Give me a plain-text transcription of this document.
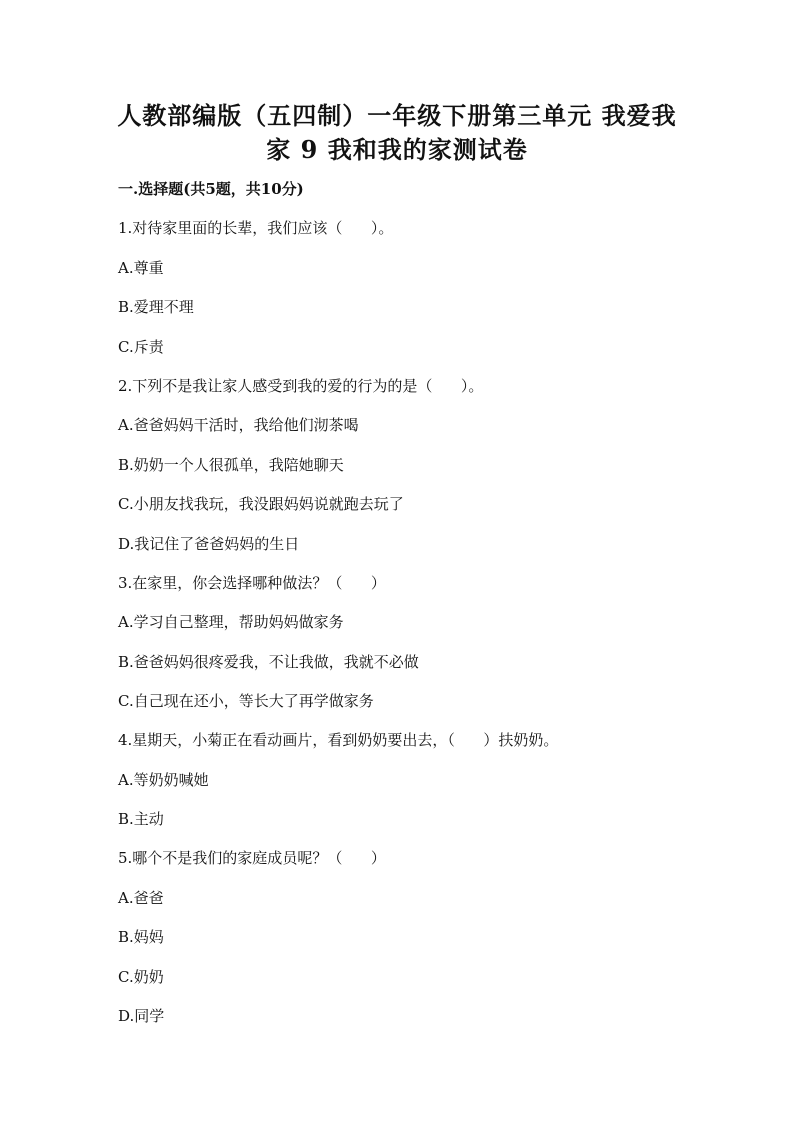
人教部编版（五四制）一年级下册第三单元 我爱我
家 9 我和我的家测试卷
一.选择题(共5题，共10分)
1.对待家里面的长辈，我们应该（      ）。
A.尊重
B.爱理不理
C.斥责
2.下列不是我让家人感受到我的爱的行为的是（      ）。
A.爸爸妈妈干活时，我给他们沏茶喝
B.奶奶一个人很孤单，我陪她聊天
C.小朋友找我玩，我没跟妈妈说就跑去玩了
D.我记住了爸爸妈妈的生日
3.在家里，你会选择哪种做法？（      ）
A.学习自己整理，帮助妈妈做家务
B.爸爸妈妈很疼爱我，不让我做，我就不必做
C.自己现在还小，等长大了再学做家务
4.星期天，小菊正在看动画片，看到奶奶要出去，（      ）扶奶奶。
A.等奶奶喊她
B.主动
5.哪个不是我们的家庭成员呢？（      ）
A.爸爸
B.妈妈
C.奶奶
D.同学
